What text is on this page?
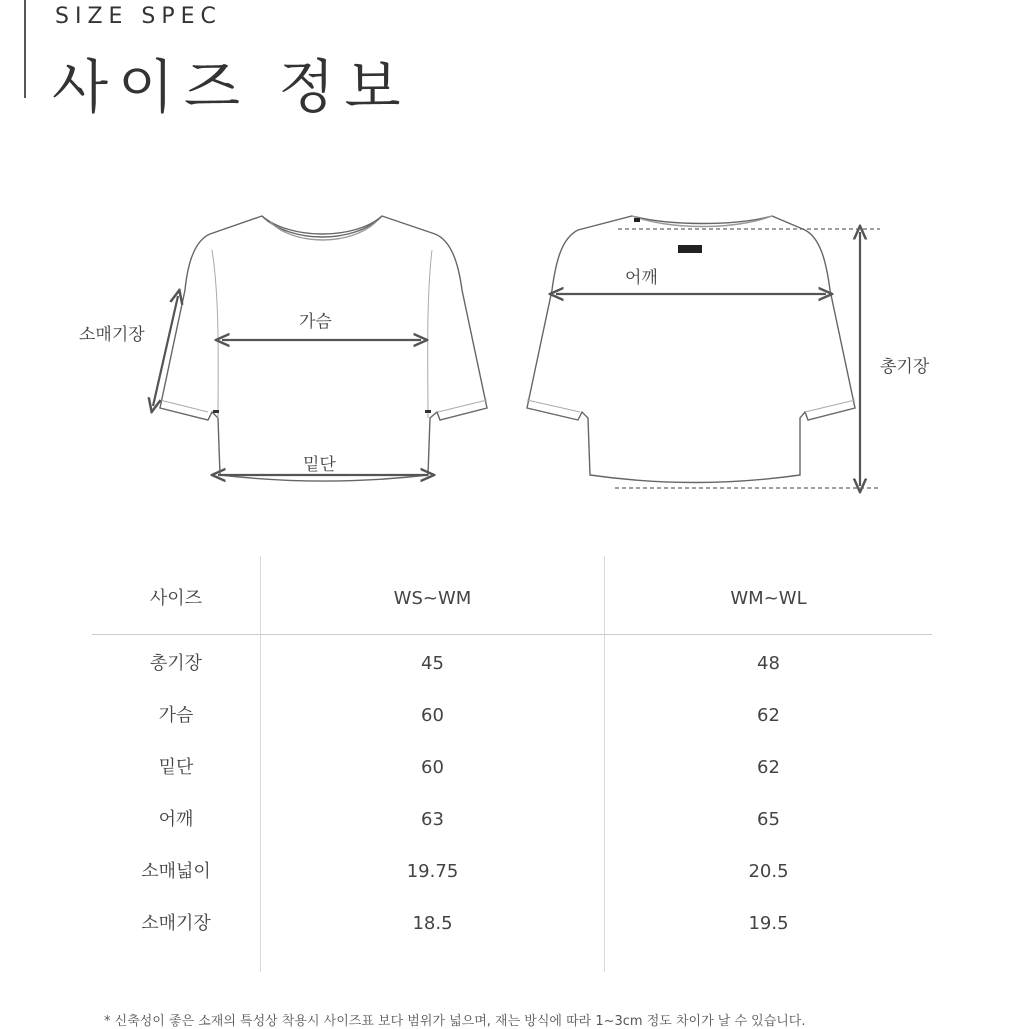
SIZE SPEC
사이즈 정보
소매기장
가슴
밑단
어깨
총기장
사이즈	WS~WM	WM~WL
총기장	45	48
가슴	60	62
밑단	60	62
어깨	63	65
소매넓이	19.75	20.5
소매기장	18.5	19.5
* 신축성이 좋은 소재의 특성상 착용시 사이즈표 보다 범위가 넓으며, 재는 방식에 따라 1~3cm 정도 차이가 날 수 있습니다.
